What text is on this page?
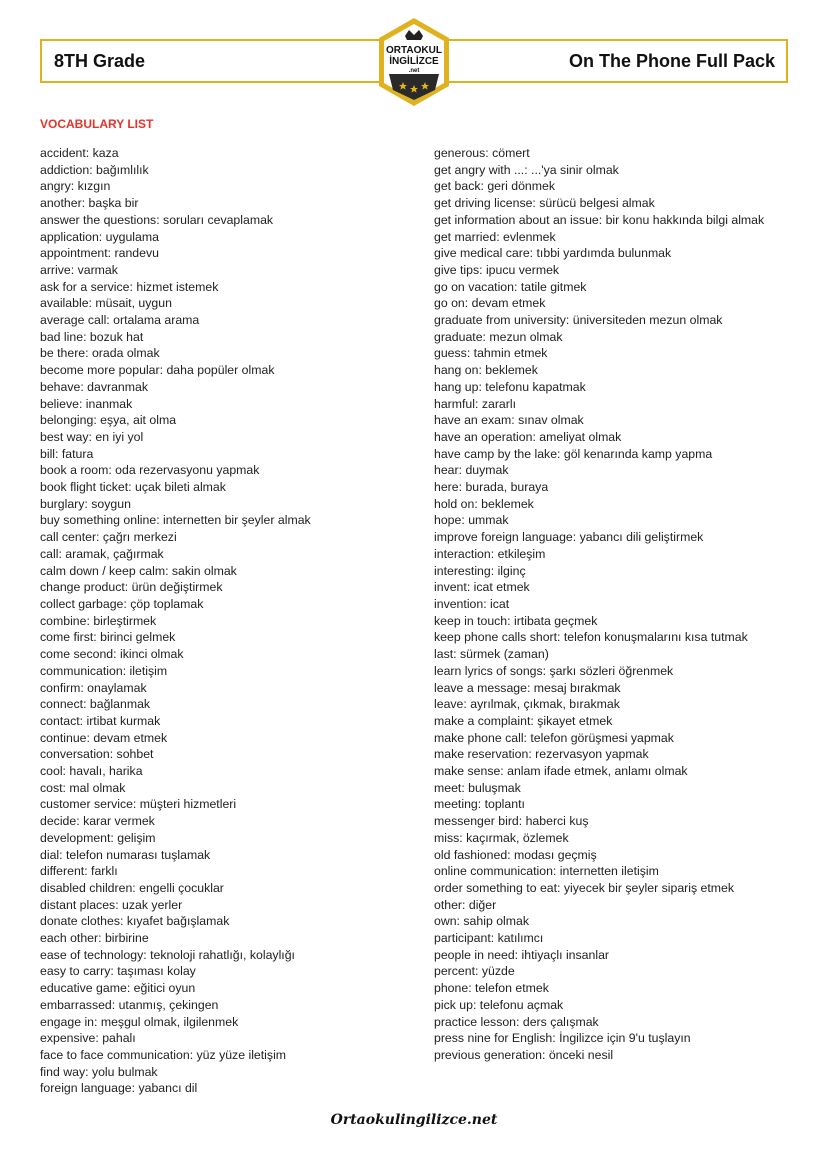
8TH Grade	On The Phone Full Pack
ORTAOKUL
İNGİLİZCE
.net
VOCABULARY LIST
accident: kaza
addiction: bağımlılık
angry: kızgın
another: başka bir
answer the questions: soruları cevaplamak
application: uygulama
appointment: randevu
arrive: varmak
ask for a service: hizmet istemek
available: müsait, uygun
average call: ortalama arama
bad line: bozuk hat
be there: orada olmak
become more popular: daha popüler olmak
behave: davranmak
believe: inanmak
belonging: eşya, ait olma
best way: en iyi yol
bill: fatura
book a room: oda rezervasyonu yapmak
book flight ticket: uçak bileti almak
burglary: soygun
buy something online: internetten bir şeyler almak
call center: çağrı merkezi
call: aramak, çağırmak
calm down / keep calm: sakin olmak
change product: ürün değiştirmek
collect garbage: çöp toplamak
combine: birleştirmek
come first: birinci gelmek
come second: ikinci olmak
communication: iletişim
confirm: onaylamak
connect: bağlanmak
contact: irtibat kurmak
continue: devam etmek
conversation: sohbet
cool: havalı, harika
cost: mal olmak
customer service: müşteri hizmetleri
decide: karar vermek
development: gelişim
dial: telefon numarası tuşlamak
different: farklı
disabled children: engelli çocuklar
distant places: uzak yerler
donate clothes: kıyafet bağışlamak
each other: birbirine
ease of technology: teknoloji rahatlığı, kolaylığı
easy to carry: taşıması kolay
educative game: eğitici oyun
embarrassed: utanmış, çekingen
engage in: meşgul olmak, ilgilenmek
expensive: pahalı
face to face communication: yüz yüze iletişim
find way: yolu bulmak
foreign language: yabancı dil
generous: cömert
get angry with ...: ...'ya sinir olmak
get back: geri dönmek
get driving license: sürücü belgesi almak
get information about an issue: bir konu hakkında bilgi almak
get married: evlenmek
give medical care: tıbbi yardımda bulunmak
give tips: ipucu vermek
go on vacation: tatile gitmek
go on: devam etmek
graduate from university: üniversiteden mezun olmak
graduate: mezun olmak
guess: tahmin etmek
hang on: beklemek
hang up: telefonu kapatmak
harmful: zararlı
have an exam: sınav olmak
have an operation: ameliyat olmak
have camp by the lake: göl kenarında kamp yapma
hear: duymak
here: burada, buraya
hold on: beklemek
hope: ummak
improve foreign language: yabancı dili geliştirmek
interaction: etkileşim
interesting: ilginç
invent: icat etmek
invention: icat
keep in touch: irtibata geçmek
keep phone calls short: telefon konuşmalarını kısa tutmak
last: sürmek (zaman)
learn lyrics of songs: şarkı sözleri öğrenmek
leave a message: mesaj bırakmak
leave: ayrılmak, çıkmak, bırakmak
make a complaint: şikayet etmek
make phone call: telefon görüşmesi yapmak
make reservation: rezervasyon yapmak
make sense: anlam ifade etmek, anlamı olmak
meet: buluşmak
meeting: toplantı
messenger bird: haberci kuş
miss: kaçırmak, özlemek
old fashioned: modası geçmiş
online communication: internetten iletişim
order something to eat: yiyecek bir şeyler sipariş etmek
other: diğer
own: sahip olmak
participant: katılımcı
people in need: ihtiyaçlı insanlar
percent: yüzde
phone: telefon etmek
pick up: telefonu açmak
practice lesson: ders çalışmak
press nine for English: İngilizce için 9'u tuşlayın
previous generation: önceki nesil
Ortaokulingilizce.net
